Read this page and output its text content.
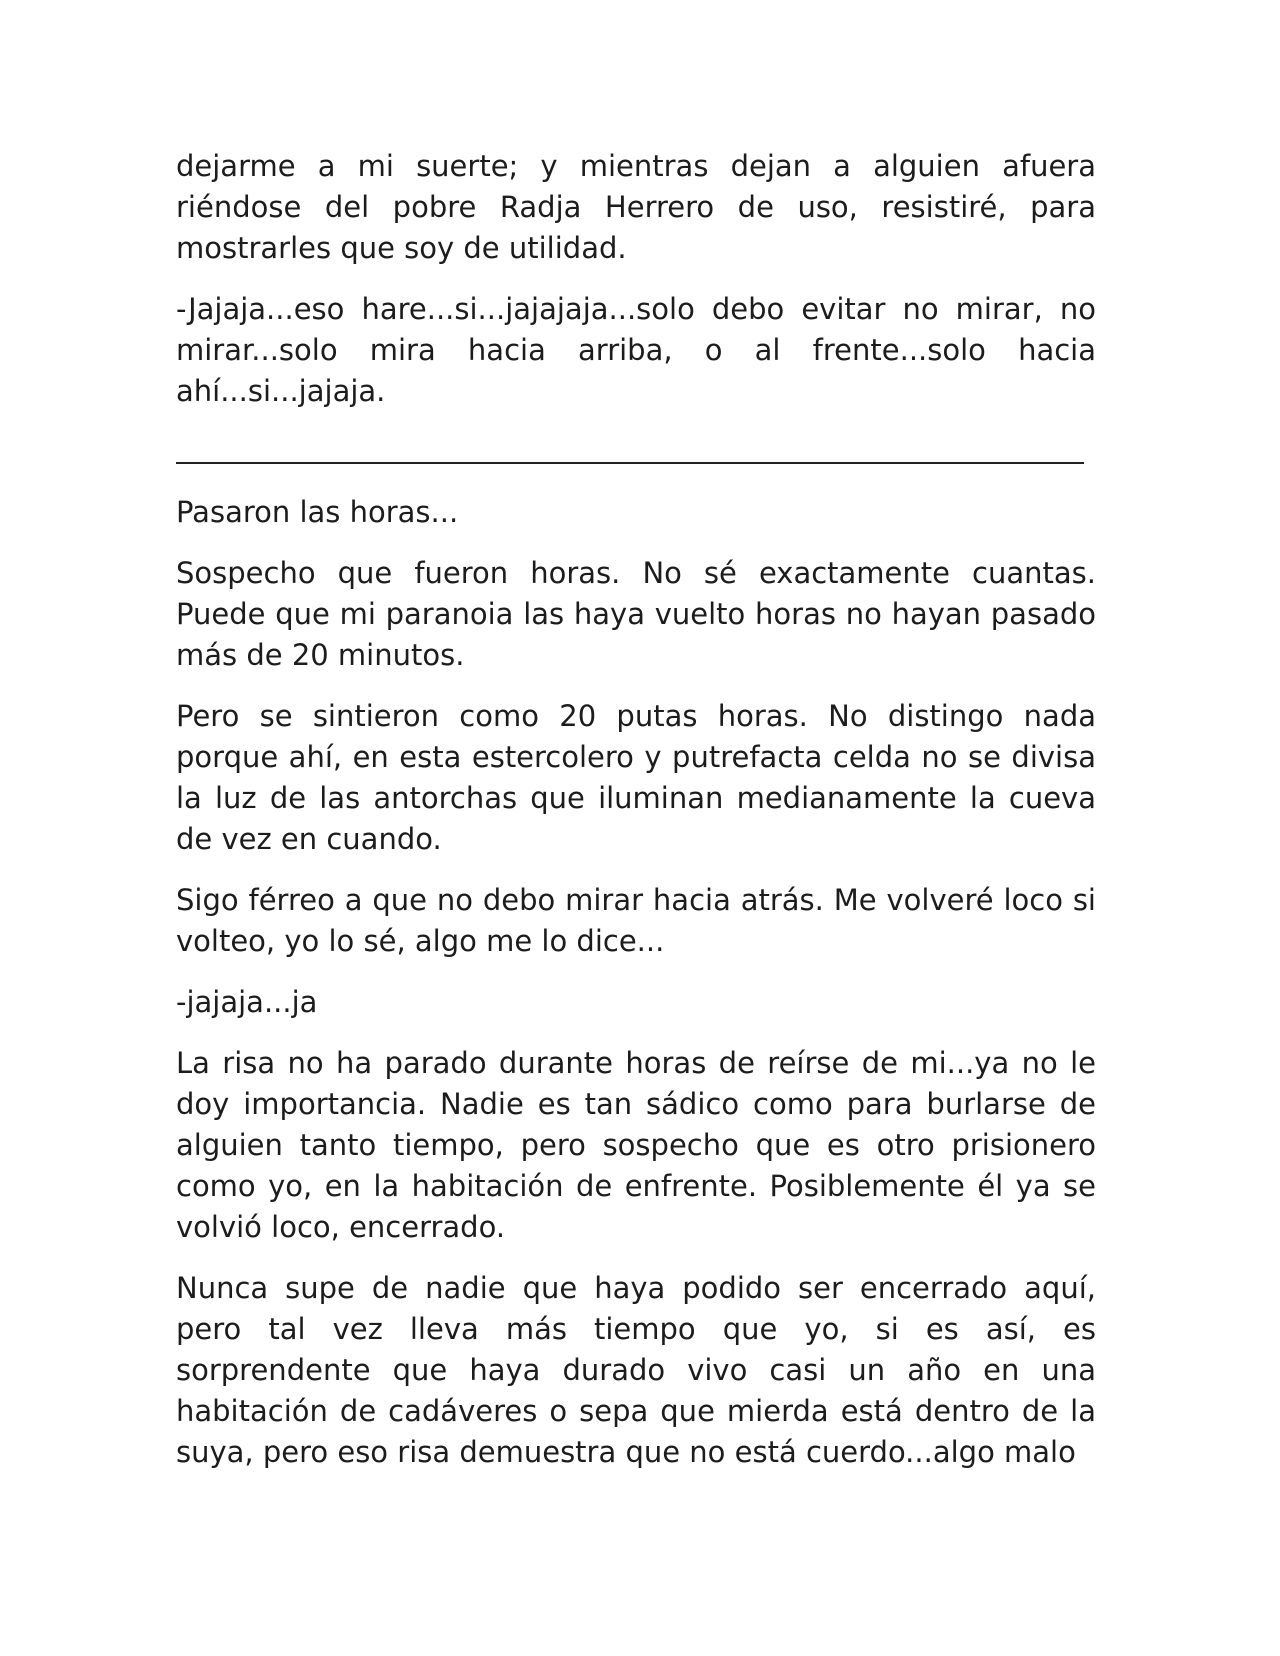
dejarme a mi suerte; y mientras dejan a alguien afuera riéndose del pobre Radja Herrero de uso, resistiré, para mostrarles que soy de utilidad.

-Jajaja...eso hare...si...jajajaja...solo debo evitar no mirar, no mirar...solo mira hacia arriba, o al frente...solo hacia ahí...si...jajaja.

Pasaron las horas...

Sospecho que fueron horas. No sé exactamente cuantas. Puede que mi paranoia las haya vuelto horas no hayan pasado más de 20 minutos.

Pero se sintieron como 20 putas horas. No distingo nada porque ahí, en esta estercolero y putrefacta celda no se divisa la luz de las antorchas que iluminan medianamente la cueva de vez en cuando.

Sigo férreo a que no debo mirar hacia atrás. Me volveré loco si volteo, yo lo sé, algo me lo dice...

-jajaja...ja

La risa no ha parado durante horas de reírse de mi...ya no le doy importancia. Nadie es tan sádico como para burlarse de alguien tanto tiempo, pero sospecho que es otro prisionero como yo, en la habitación de enfrente. Posiblemente él ya se volvió loco, encerrado.

Nunca supe de nadie que haya podido ser encerrado aquí, pero tal vez lleva más tiempo que yo, si es así, es sorprendente que haya durado vivo casi un año en una habitación de cadáveres o sepa que mierda está dentro de la suya, pero eso risa demuestra que no está cuerdo...algo malo
